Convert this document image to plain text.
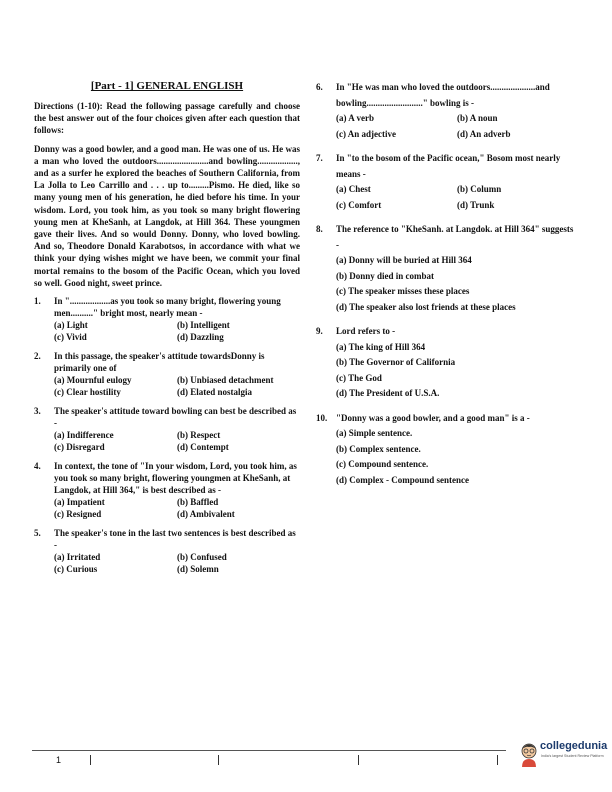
[Part - 1] GENERAL ENGLISH

Directions (1-10): Read the following passage carefully and choose the best answer out of the four choices given after each question that follows:

Donny was a good bowler, and a good man. He was one of us. He was a man who loved the outdoors.......................and bowling.................., and as a surfer he explored the beaches of Southern California, from La Jolla to Leo Carrillo and . . . up to.........Pismo. He died, like so many young men of his generation, he died before his time. In your wisdom. Lord, you took him, as you took so many bright flowering young men at KheSanh, at Langdok, at Hill 364. These youngmen gave their lives. And so would Donny. Donny, who loved bowling. And so, Theodore Donald Karabotsos, in accordance with what we think your dying wishes might we have been, we commit your final mortal remains to the bosom of the Pacific Ocean, which you loved so well. Good night, sweet prince.

1.	In "..................as you took so many bright, flowering young men.........." bright most, nearly mean -
(a) Light	(b) Intelligent
(c) Vivid	(d) Dazzling
2.	In this passage, the speaker's attitude towardsDonny is primarily one of
(a) Mournful eulogy	(b) Unbiased detachment
(c) Clear hostility	(d) Elated nostalgia
3.	The speaker's attitude toward bowling can best be described as -
(a) Indifference	(b) Respect
(c) Disregard	(d) Contempt
4.	In context, the tone of "In your wisdom, Lord, you took him, as you took so many bright, flowering youngmen at KheSanh, at Langdok, at Hill 364," is best described as -
(a) Impatient	(b) Baffled
(c) Resigned	(d) Ambivalent
5.	The speaker's tone in the last two sentences is best described as -
(a) Irritated	(b) Confused
(c) Curious	(d) Solemn
6.	In "He was man who loved the outdoors....................and bowling........................." bowling is -
(a) A verb	(b) A noun
(c) An adjective	(d) An adverb
7.	In "to the bosom of the Pacific ocean," Bosom most nearly means -
(a) Chest	(b) Column
(c) Comfort	(d) Trunk
8.	The reference to "KheSanh. at Langdok. at Hill 364" suggests -
(a) Donny will be buried at Hill 364
(b) Donny died in combat
(c) The speaker misses these places
(d) The speaker also lost friends at these places
9.	Lord refers to -
(a) The king of Hill 364
(b) The Governor of California
(c) The God
(d) The President of U.S.A.
10. "Donny was a good bowler, and a good man" is a -
(a) Simple sentence.
(b) Complex sentence.
(c) Compound sentence.
(d) Complex - Compound sentence
1
collegedunia
India's largest Student Review Platform
